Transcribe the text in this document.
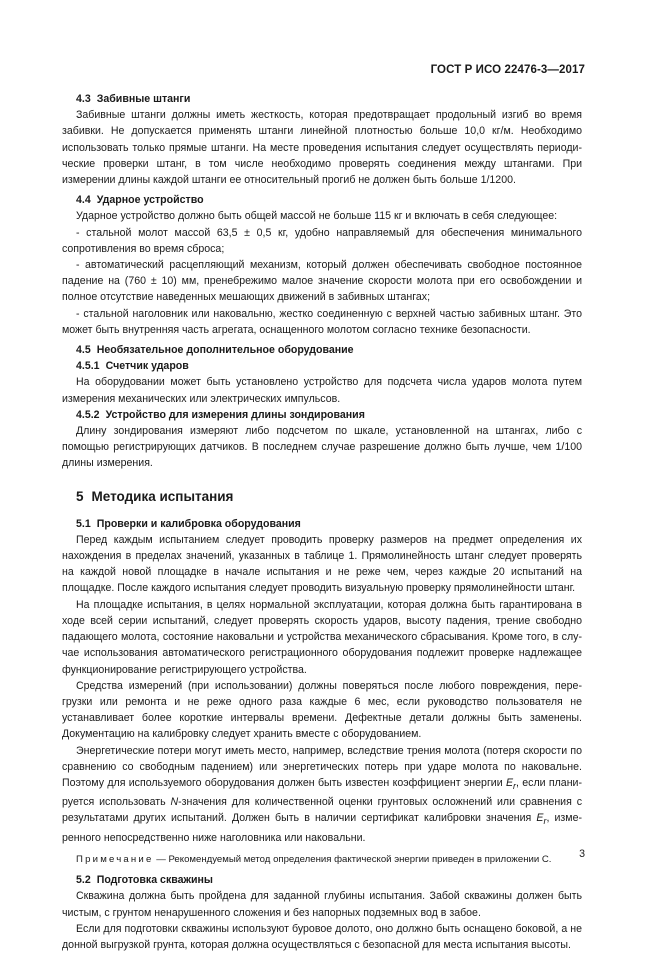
ГОСТ Р ИСО 22476-3—2017
4.3 Забивные штанги

Забивные штанги должны иметь жесткость, которая предотвращает продольный изгиб во время забивки. Не допускается применять штанги линейной плотностью больше 10,0 кг/м. Необходимо использовать только прямые штанги. На месте проведения испытания следует осуществлять периодические проверки штанг, в том числе необходимо проверять соединения между штангами. При измерении длины каждой штанги ее относительный прогиб не должен быть больше 1/1200.

4.4 Ударное устройство

Ударное устройство должно быть общей массой не больше 115 кг и включать в себя следующее:

- стальной молот массой 63,5 ± 0,5 кг, удобно направляемый для обеспечения минимального сопротивления во время сброса;

- автоматический расцепляющий механизм, который должен обеспечивать свободное постоянное падение на (760 ± 10) мм, пренебрежимо малое значение скорости молота при его освобождении и полное отсутствие наведенных мешающих движений в забивных штангах;

- стальной наголовник или наковальню, жестко соединенную с верхней частью забивных штанг. Это может быть внутренняя часть агрегата, оснащенного молотом согласно технике безопасности.

4.5 Необязательное дополнительное оборудование
4.5.1 Счетчик ударов

На оборудовании может быть установлено устройство для подсчета числа ударов молота путем измерения механических или электрических импульсов.

4.5.2 Устройство для измерения длины зондирования

Длину зондирования измеряют либо подсчетом по шкале, установленной на штангах, либо с помощью регистрирующих датчиков. В последнем случае разрешение должно быть лучше, чем 1/100 длины измерения.

5 Методика испытания
5.1 Проверки и калибровка оборудования

Перед каждым испытанием следует проводить проверку размеров на предмет определения их нахождения в пределах значений, указанных в таблице 1. Прямолинейность штанг следует проверять на каждой новой площадке в начале испытания и не реже чем, через каждые 20 испытаний на площадке. После каждого испытания следует проводить визуальную проверку прямолинейности штанг.

На площадке испытания, в целях нормальной эксплуатации, которая должна быть гарантирована в ходе всей серии испытаний, следует проверять скорость ударов, высоту падения, трение свободно падающего молота, состояние наковальни и устройства механического сбрасывания. Кроме того, в случае использования автоматического регистрационного оборудования подлежит проверке надлежащее функционирование регистрирующего устройства.

Средства измерений (при использовании) должны поверяться после любого повреждения, перегрузки или ремонта и не реже одного раза каждые 6 мес, если руководство пользователя не устанавливает более короткие интервалы времени. Дефектные детали должны быть заменены. Документацию на калибровку следует хранить вместе с оборудованием.

Энергетические потери могут иметь место, например, вследствие трения молота (потеря скорости по сравнению со свободным падением) или энергетических потерь при ударе молота по наковальне. Поэтому для используемого оборудования должен быть известен коэффициент энергии $E_r$, если планируется использовать N-значения для количественной оценки грунтовых осложнений или сравнения с результатами других испытаний. Должен быть в наличии сертификат калибровки значения $E_r$, измеренного непосредственно ниже наголовника или наковальни.

Примечание — Рекомендуемый метод определения фактической энергии приведен в приложении С.

5.2 Подготовка скважины

Скважина должна быть пройдена для заданной глубины испытания. Забой скважины должен быть чистым, с грунтом ненарушенного сложения и без напорных подземных вод в забое.

Если для подготовки скважины используют буровое долото, оно должно быть оснащено боковой, а не донной выгрузкой грунта, которая должна осуществляться с безопасной для места испытания высоты.

3
